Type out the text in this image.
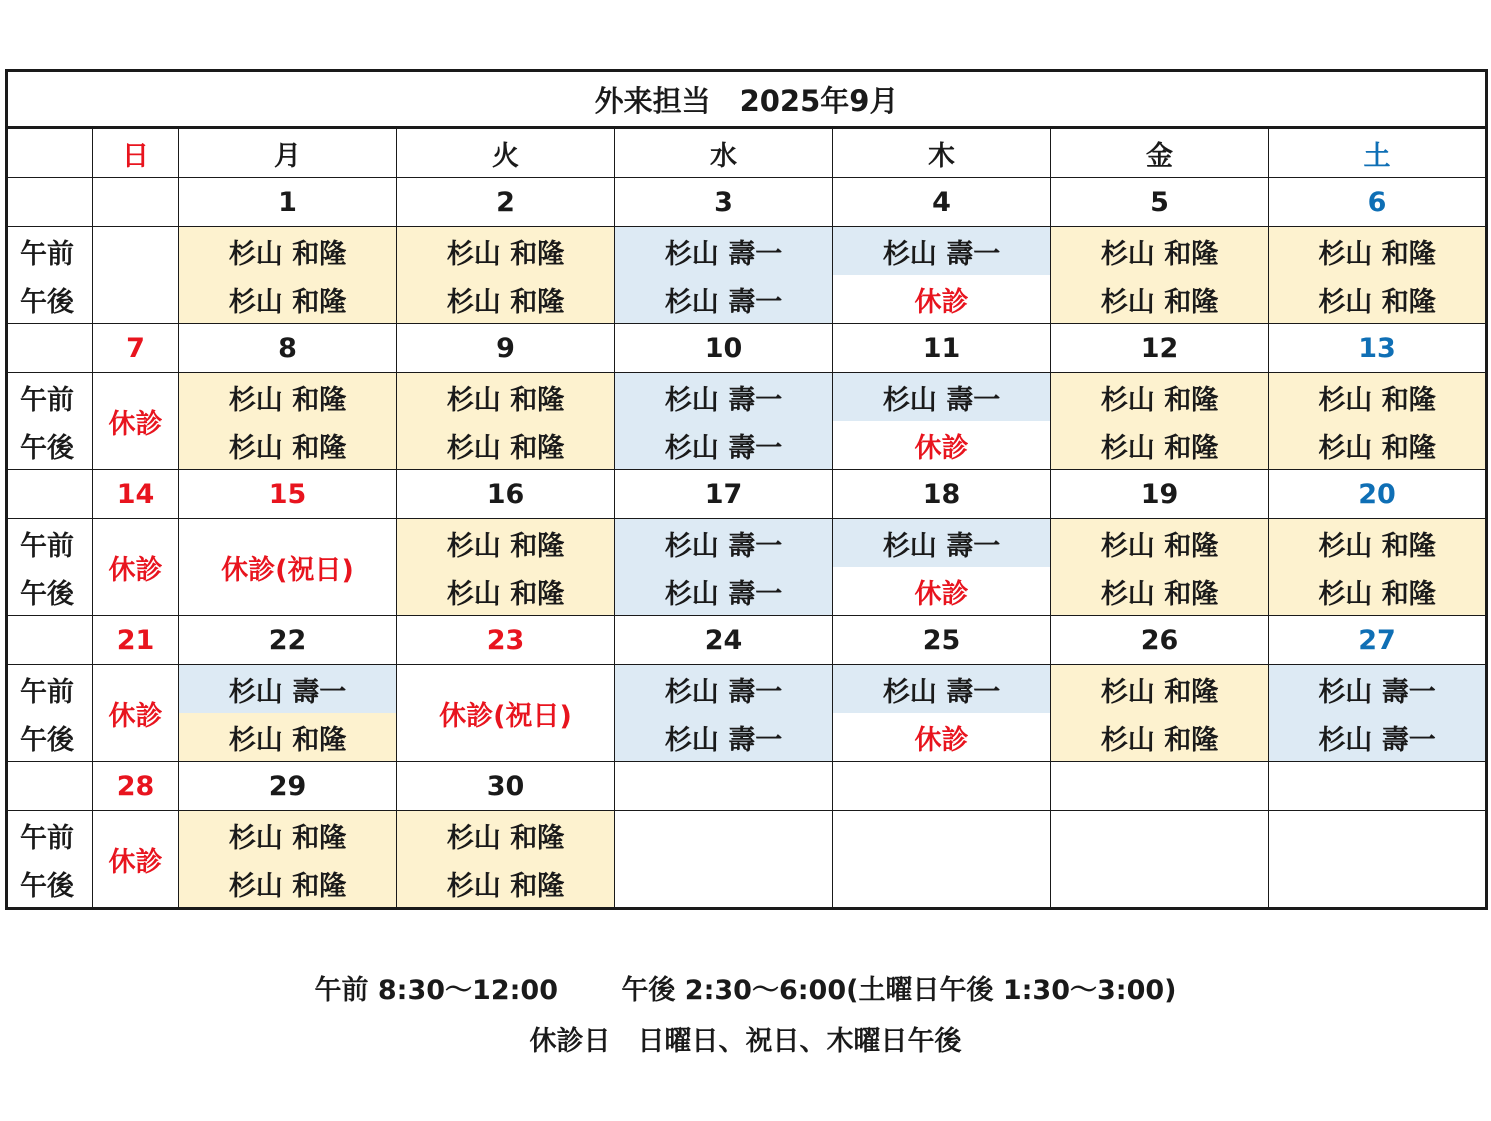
外来担当　2025年9月							
	日	月	火	水	木	金	土
		1	2	3	4	5	6
午前		杉山 和隆	杉山 和隆	杉山 壽一	杉山 壽一	杉山 和隆	杉山 和隆
午後		杉山 和隆	杉山 和隆	杉山 壽一	休診	杉山 和隆	杉山 和隆
	7	8	9	10	11	12	13
午前	休診	杉山 和隆	杉山 和隆	杉山 壽一	杉山 壽一	杉山 和隆	杉山 和隆
午後		杉山 和隆	杉山 和隆	杉山 壽一	休診	杉山 和隆	杉山 和隆
	14	15	16	17	18	19	20
午前	休診	休診(祝日)	杉山 和隆	杉山 壽一	杉山 壽一	杉山 和隆	杉山 和隆
午後			杉山 和隆	杉山 壽一	休診	杉山 和隆	杉山 和隆
	21	22	23	24	25	26	27
午前	休診	杉山 壽一	休診(祝日)	杉山 壽一	杉山 壽一	杉山 和隆	杉山 壽一
午後		杉山 和隆		杉山 壽一	休診	杉山 和隆	杉山 壽一
	28	29	30				
午前	休診	杉山 和隆	杉山 和隆				
午後		杉山 和隆	杉山 和隆				
午前 8:30～12:00　　 午後 2:30～6:00(土曜日午後 1:30～3:00)
休診日　日曜日、祝日、木曜日午後
